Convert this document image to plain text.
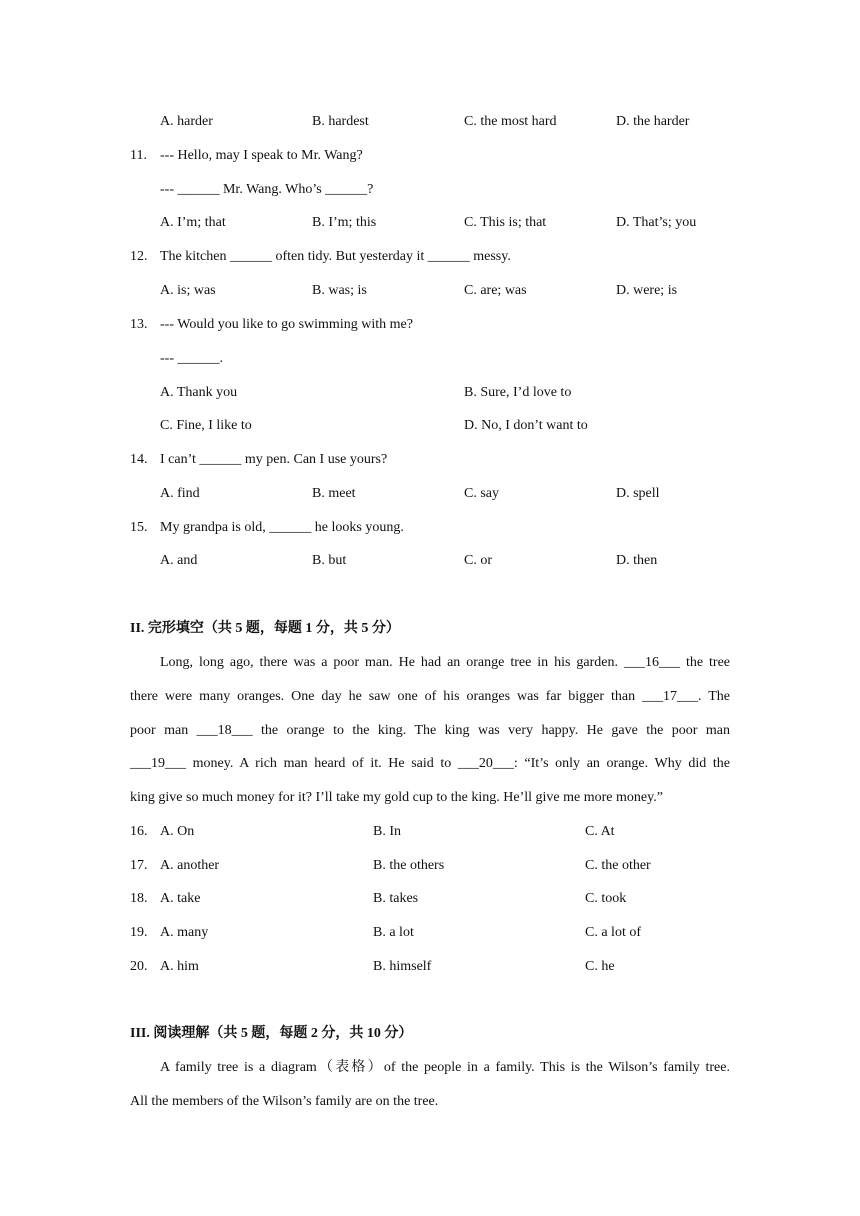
A. harder	B. hardest	C. the most hard	D. the harder
11. --- Hello, may I speak to Mr. Wang?
--- ______ Mr. Wang. Who’s ______?
A. I’m; that	B. I’m; this	C. This is; that	D. That’s; you
12. The kitchen ______ often tidy. But yesterday it ______ messy.
A. is; was	B. was; is	C. are; was	D. were; is
13. --- Would you like to go swimming with me?
--- ______.
A. Thank you	B. Sure, I’d love to
C. Fine, I like to	D. No, I don’t want to
14. I can’t ______ my pen. Can I use yours?
A. find	B. meet	C. say	D. spell
15. My grandpa is old, ______ he looks young.
A. and	B. but	C. or	D. then
II. 完形填空（共 5 题，每题 1 分，共 5 分）
Long, long ago, there was a poor man. He had an orange tree in his garden. ___16___ the tree
there were many oranges. One day he saw one of his oranges was far bigger than ___17___. The
poor man ___18___ the orange to the king. The king was very happy. He gave the poor man
___19___ money. A rich man heard of it. He said to ___20___: “It’s only an orange. Why did the
king give so much money for it? I’ll take my gold cup to the king. He’ll give me more money.”
16. A. On	B. In	C. At
17. A. another	B. the others	C. the other
18. A. take	B. takes	C. took
19. A. many	B. a lot	C. a lot of
20. A. him	B. himself	C. he
III. 阅读理解（共 5 题，每题 2 分，共 10 分）
A family tree is a diagram（表格）of the people in a family. This is the Wilson’s family tree.
All the members of the Wilson’s family are on the tree.
